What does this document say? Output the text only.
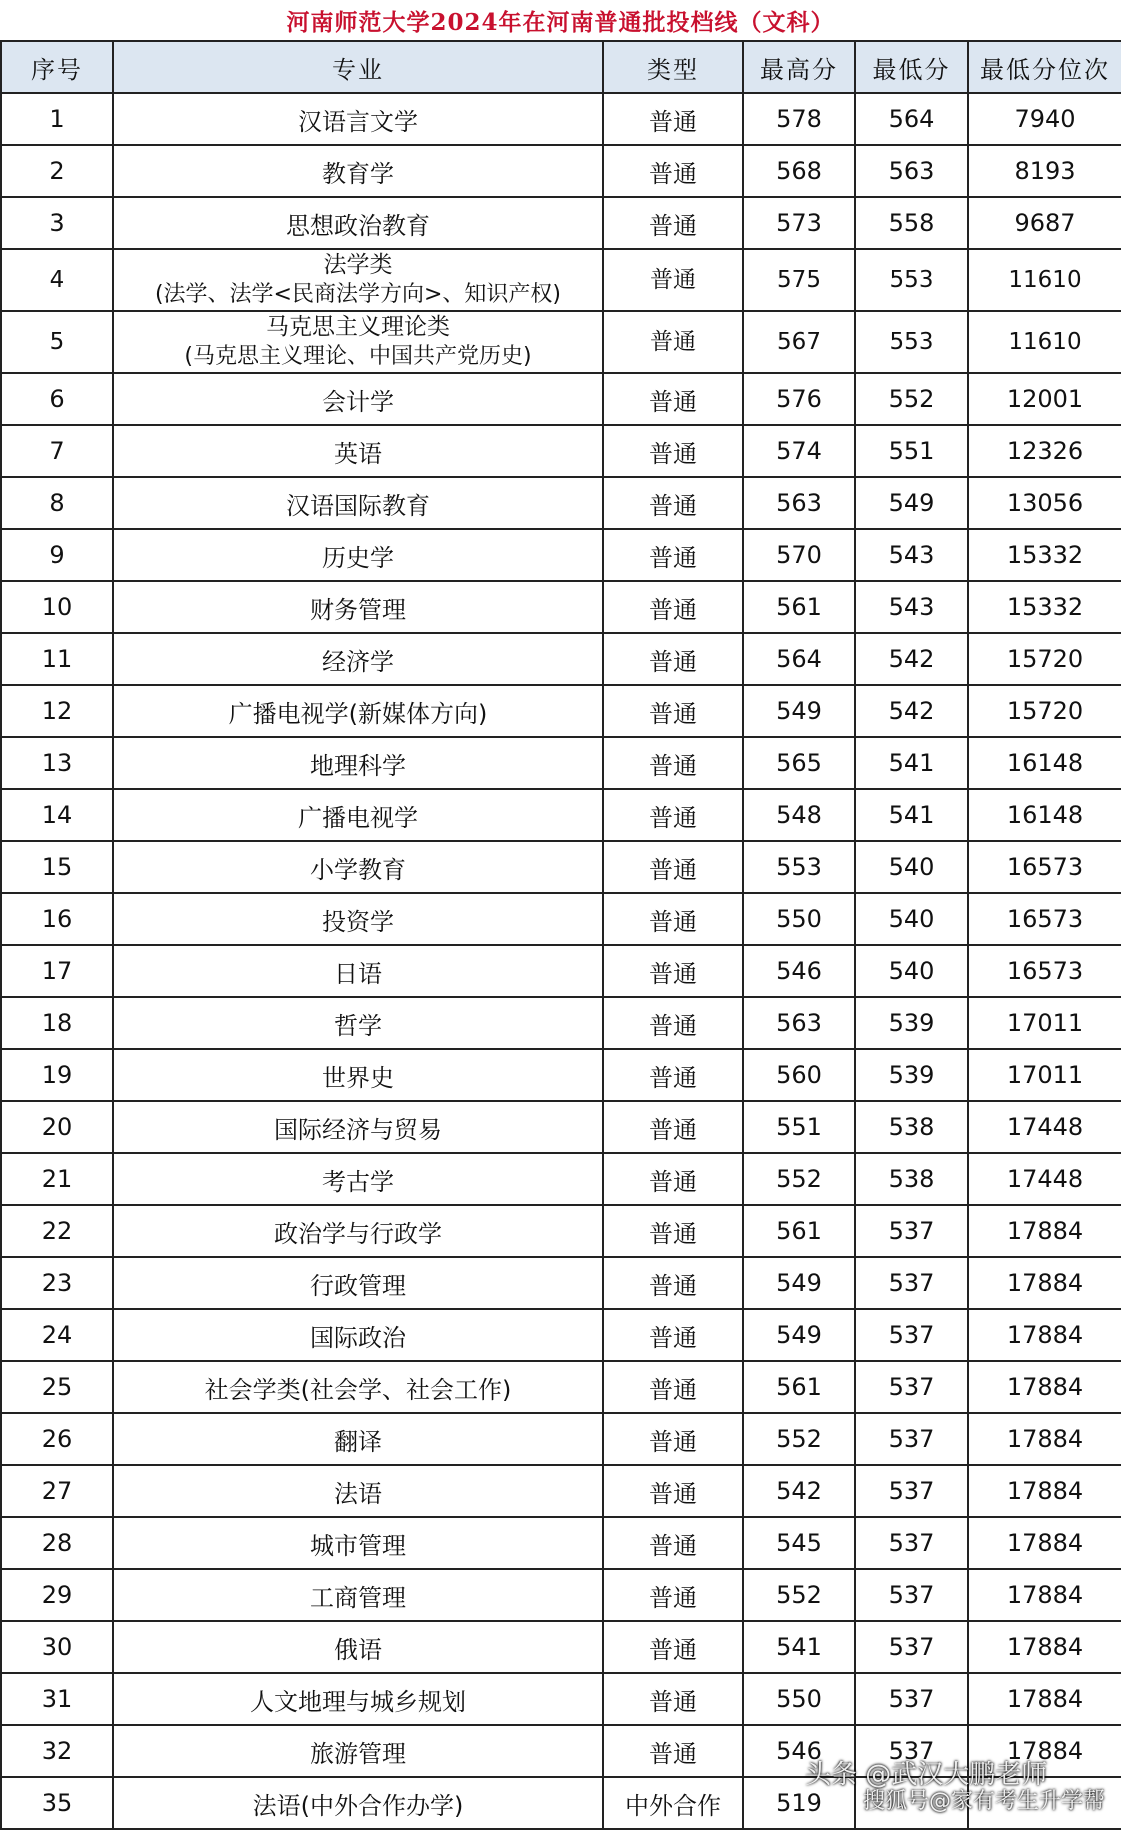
河南师范大学2024年在河南普通批投档线（文科）
序号	专业	类型	最高分	最低分	最低分位次
1	汉语言文学	普通	578	564	7940
2	教育学	普通	568	563	8193
3	思想政治教育	普通	573	558	9687
4	法学类
(法学、法学<民商法学方向>、知识产权)	普通	575	553	11610
5	马克思主义理论类
(马克思主义理论、中国共产党历史)	普通	567	553	11610
6	会计学	普通	576	552	12001
7	英语	普通	574	551	12326
8	汉语国际教育	普通	563	549	13056
9	历史学	普通	570	543	15332
10	财务管理	普通	561	543	15332
11	经济学	普通	564	542	15720
12	广播电视学(新媒体方向)	普通	549	542	15720
13	地理科学	普通	565	541	16148
14	广播电视学	普通	548	541	16148
15	小学教育	普通	553	540	16573
16	投资学	普通	550	540	16573
17	日语	普通	546	540	16573
18	哲学	普通	563	539	17011
19	世界史	普通	560	539	17011
20	国际经济与贸易	普通	551	538	17448
21	考古学	普通	552	538	17448
22	政治学与行政学	普通	561	537	17884
23	行政管理	普通	549	537	17884
24	国际政治	普通	549	537	17884
25	社会学类(社会学、社会工作)	普通	561	537	17884
26	翻译	普通	552	537	17884
27	法语	普通	542	537	17884
28	城市管理	普通	545	537	17884
29	工商管理	普通	552	537	17884
30	俄语	普通	541	537	17884
31	人文地理与城乡规划	普通	550	537	17884
32	旅游管理	普通	546	537	17884
35	法语(中外合作办学)	中外合作	519		
头条 @武汉大鹏老师
搜狐号@家有考生升学帮
